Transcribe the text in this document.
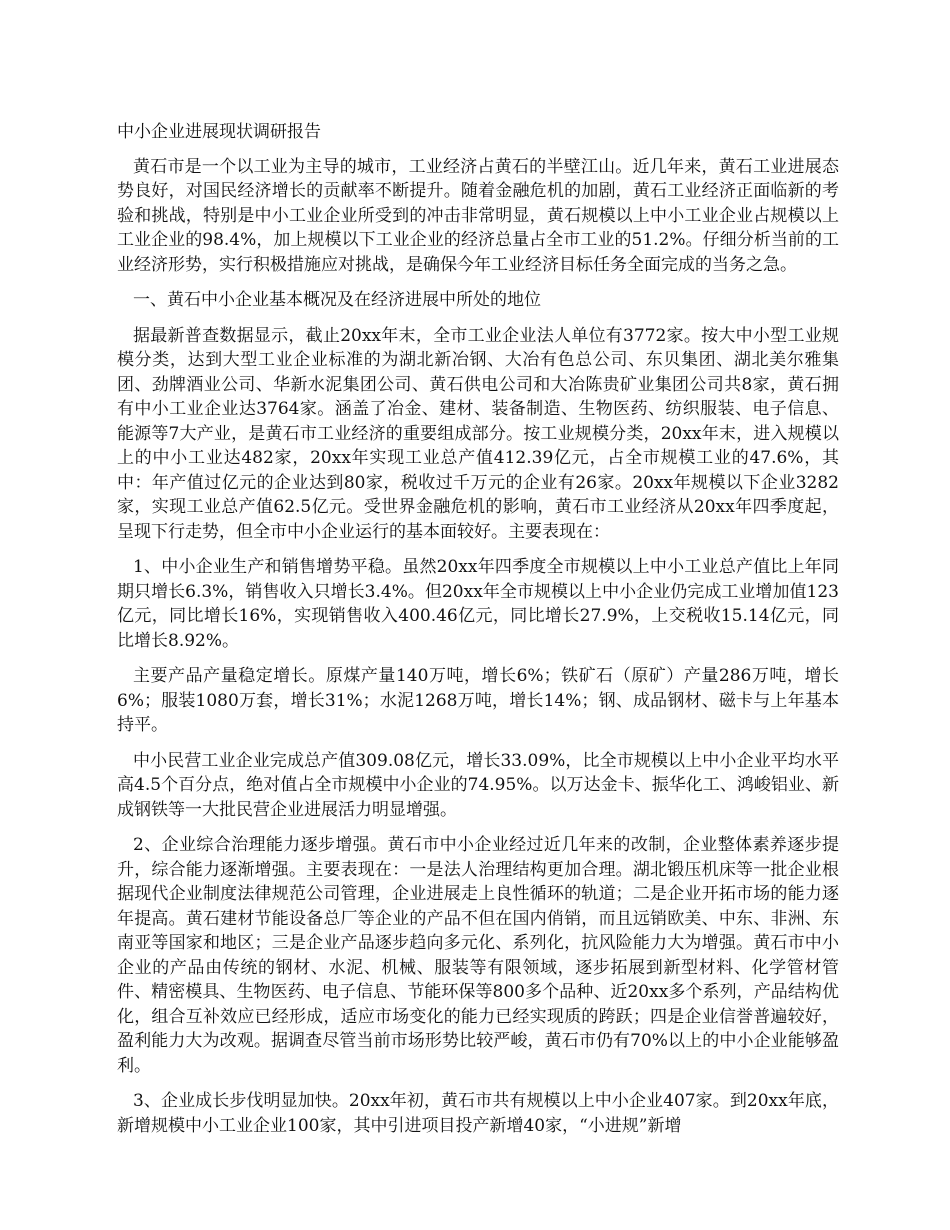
中小企业进展现状调研报告

黄石市是一个以工业为主导的城市，工业经济占黄石的半壁江山。近几年来，黄石工业进展态势良好，对国民经济增长的贡献率不断提升。随着金融危机的加剧，黄石工业经济正面临新的考验和挑战，特别是中小工业企业所受到的冲击非常明显，黄石规模以上中小工业企业占规模以上工业企业的98.4%，加上规模以下工业企业的经济总量占全市工业的51.2%。仔细分析当前的工业经济形势，实行积极措施应对挑战，是确保今年工业经济目标任务全面完成的当务之急。

一、黄石中小企业基本概况及在经济进展中所处的地位

据最新普查数据显示，截止20xx年末，全市工业企业法人单位有3772家。按大中小型工业规模分类，达到大型工业企业标准的为湖北新冶钢、大冶有色总公司、东贝集团、湖北美尔雅集团、劲牌酒业公司、华新水泥集团公司、黄石供电公司和大冶陈贵矿业集团公司共8家，黄石拥有中小工业企业达3764家。涵盖了冶金、建材、装备制造、生物医药、纺织服装、电子信息、能源等7大产业，是黄石市工业经济的重要组成部分。按工业规模分类，20xx年末，进入规模以上的中小工业达482家，20xx年实现工业总产值412.39亿元，占全市规模工业的47.6%，其中：年产值过亿元的企业达到80家，税收过千万元的企业有26家。20xx年规模以下企业3282家，实现工业总产值62.5亿元。受世界金融危机的影响，黄石市工业经济从20xx年四季度起，呈现下行走势，但全市中小企业运行的基本面较好。主要表现在：

1、中小企业生产和销售增势平稳。虽然20xx年四季度全市规模以上中小工业总产值比上年同期只增长6.3%，销售收入只增长3.4%。但20xx年全市规模以上中小企业仍完成工业增加值123亿元，同比增长16%，实现销售收入400.46亿元，同比增长27.9%，上交税收15.14亿元，同比增长8.92%。

主要产品产量稳定增长。原煤产量140万吨，增长6%；铁矿石（原矿）产量286万吨，增长6%；服装1080万套，增长31%；水泥1268万吨，增长14%；钢、成品钢材、磁卡与上年基本持平。

中小民营工业企业完成总产值309.08亿元，增长33.09%，比全市规模以上中小企业平均水平高4.5个百分点，绝对值占全市规模中小企业的74.95%。以万达金卡、振华化工、鸿峻铝业、新成钢铁等一大批民营企业进展活力明显增强。

2、企业综合治理能力逐步增强。黄石市中小企业经过近几年来的改制，企业整体素养逐步提升，综合能力逐渐增强。主要表现在：一是法人治理结构更加合理。湖北锻压机床等一批企业根据现代企业制度法律规范公司管理，企业进展走上良性循环的轨道；二是企业开拓市场的能力逐年提高。黄石建材节能设备总厂等企业的产品不但在国内俏销，而且远销欧美、中东、非洲、东南亚等国家和地区；三是企业产品逐步趋向多元化、系列化，抗风险能力大为增强。黄石市中小企业的产品由传统的钢材、水泥、机械、服装等有限领域，逐步拓展到新型材料、化学管材管件、精密模具、生物医药、电子信息、节能环保等800多个品种、近20xx多个系列，产品结构优化，组合互补效应已经形成，适应市场变化的能力已经实现质的跨跃；四是企业信誉普遍较好，盈利能力大为改观。据调查尽管当前市场形势比较严峻，黄石市仍有70%以上的中小企业能够盈利。

3、企业成长步伐明显加快。20xx年初，黄石市共有规模以上中小企业407家。到20xx年底，新增规模中小工业企业100家，其中引进项目投产新增40家，“小进规”新增
